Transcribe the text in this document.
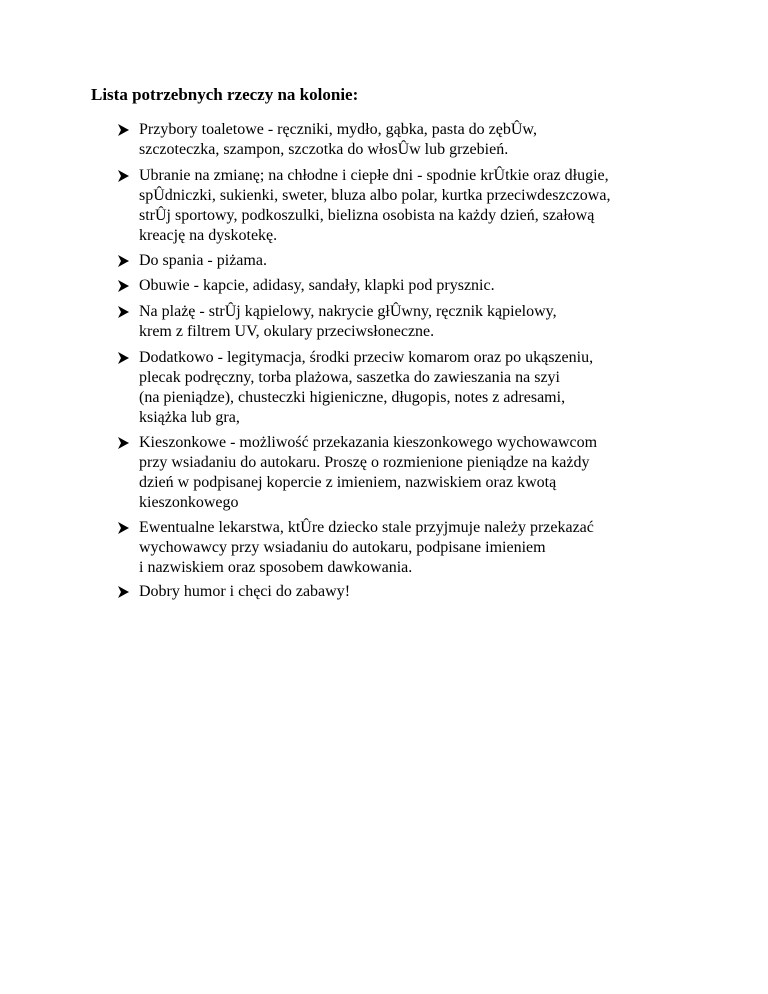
Lista potrzebnych rzeczy na kolonie:
Przybory toaletowe - ręczniki, mydło, gąbka, pasta do zębÛw,
szczoteczka, szampon, szczotka do włosÛw lub grzebień.
Ubranie na zmianę; na chłodne i ciepłe dni - spodnie krÛtkie oraz długie,
spÛdniczki, sukienki, sweter, bluza albo polar, kurtka przeciwdeszczowa,
strÛj sportowy, podkoszulki, bielizna osobista na każdy dzień, szałową
kreację na dyskotekę.
Do spania - piżama.
Obuwie - kapcie, adidasy, sandały, klapki pod prysznic.
Na plażę - strÛj kąpielowy, nakrycie głÛwny, ręcznik kąpielowy,
krem z filtrem UV, okulary przeciwsłoneczne.
Dodatkowo - legitymacja, środki przeciw komarom oraz po ukąszeniu,
plecak podręczny, torba plażowa, saszetka do zawieszania na szyi
(na pieniądze), chusteczki higieniczne, długopis, notes z adresami,
książka lub gra,
Kieszonkowe - możliwość przekazania kieszonkowego wychowawcom
przy wsiadaniu do autokaru. Proszę o rozmienione pieniądze na każdy
dzień w podpisanej kopercie z imieniem, nazwiskiem oraz kwotą
kieszonkowego
Ewentualne lekarstwa, ktÛre dziecko stale przyjmuje należy przekazać
wychowawcy przy wsiadaniu do autokaru, podpisane imieniem
i nazwiskiem oraz sposobem dawkowania.
Dobry humor i chęci do zabawy!
